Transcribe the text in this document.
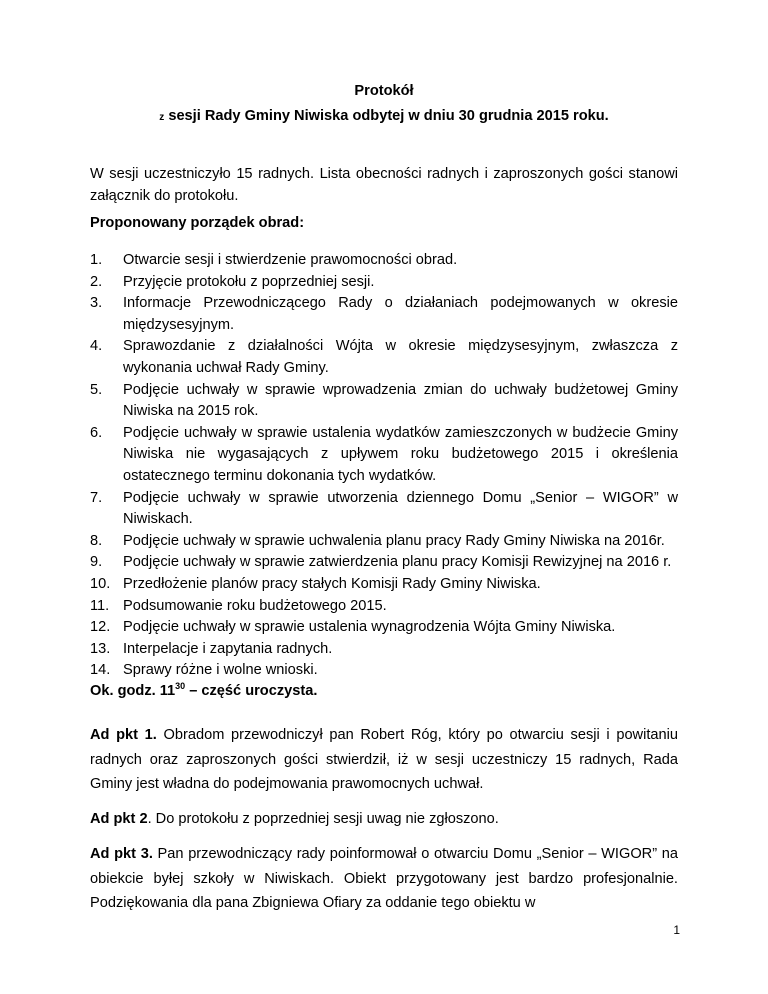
Protokół
z sesji Rady Gminy Niwiska odbytej w dniu 30 grudnia 2015 roku.
W sesji uczestniczyło 15 radnych. Lista obecności radnych i zaproszonych gości stanowi załącznik do protokołu.
Proponowany porządek obrad:
1.	Otwarcie sesji i stwierdzenie prawomocności obrad.
2.	Przyjęcie protokołu z poprzedniej sesji.
3.	Informacje Przewodniczącego Rady o działaniach podejmowanych w okresie międzysesyjnym.
4.	Sprawozdanie z działalności Wójta w okresie międzysesyjnym, zwłaszcza z wykonania uchwał Rady Gminy.
5.	Podjęcie uchwały w sprawie wprowadzenia zmian do uchwały budżetowej Gminy Niwiska na 2015 rok.
6.	Podjęcie uchwały w sprawie ustalenia wydatków zamieszczonych w budżecie Gminy Niwiska nie wygasających z upływem roku budżetowego 2015 i określenia ostatecznego terminu dokonania tych wydatków.
7.	Podjęcie uchwały w sprawie utworzenia dziennego Domu „Senior – WIGOR” w Niwiskach.
8.	Podjęcie uchwały w sprawie uchwalenia planu pracy Rady Gminy Niwiska na 2016r.
9.	Podjęcie uchwały w sprawie zatwierdzenia planu pracy Komisji Rewizyjnej na 2016 r.
10. Przedłożenie planów pracy stałych Komisji Rady Gminy Niwiska.
11. Podsumowanie roku budżetowego 2015.
12. Podjęcie uchwały w sprawie ustalenia wynagrodzenia Wójta Gminy Niwiska.
13. Interpelacje i zapytania radnych.
14. Sprawy różne i wolne wnioski.
Ok. godz. $11^{30}$ – część uroczysta.
Ad pkt 1. Obradom przewodniczył pan Robert Róg, który po otwarciu sesji i powitaniu radnych oraz zaproszonych gości stwierdził, iż w sesji uczestniczy 15 radnych, Rada Gminy jest władna do podejmowania prawomocnych uchwał.
Ad pkt 2. Do protokołu z poprzedniej sesji uwag nie zgłoszono.
Ad pkt 3. Pan przewodniczący rady poinformował o otwarciu Domu „Senior – WIGOR” na obiekcie byłej szkoły w Niwiskach. Obiekt przygotowany jest bardzo profesjonalnie. Podziękowania dla pana Zbigniewa Ofiary za oddanie tego obiektu w
1
